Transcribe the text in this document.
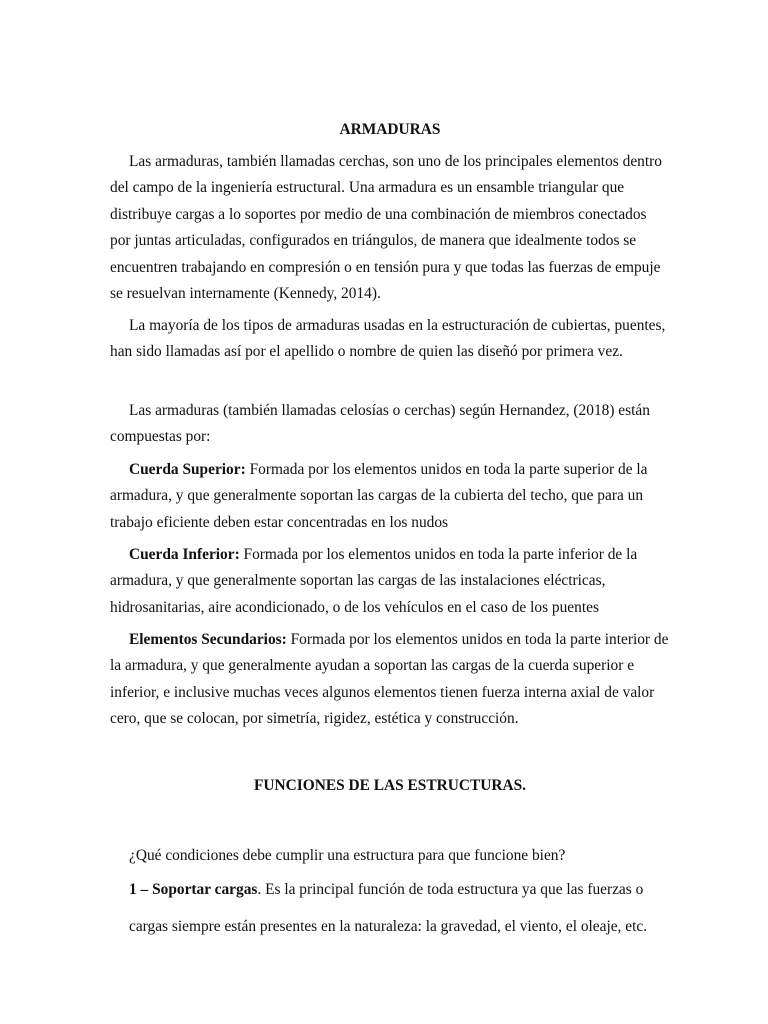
ARMADURAS

Las armaduras, también llamadas cerchas, son uno de los principales elementos dentro del campo de la ingeniería estructural. Una armadura es un ensamble triangular que distribuye cargas a lo soportes por medio de una combinación de miembros conectados por juntas articuladas, configurados en triángulos, de manera que idealmente todos se encuentren trabajando en compresión o en tensión pura y que todas las fuerzas de empuje se resuelvan internamente (Kennedy, 2014).

La mayoría de los tipos de armaduras usadas en la estructuración de cubiertas, puentes, han sido llamadas así por el apellido o nombre de quien las diseñó por primera vez.

Las armaduras (también llamadas celosías o cerchas) según Hernandez, (2018) están compuestas por:

Cuerda Superior: Formada por los elementos unidos en toda la parte superior de la armadura, y que generalmente soportan las cargas de la cubierta del techo, que para un trabajo eficiente deben estar concentradas en los nudos

Cuerda Inferior: Formada por los elementos unidos en toda la parte inferior de la armadura, y que generalmente soportan las cargas de las instalaciones eléctricas, hidrosanitarias, aire acondicionado, o de los vehículos en el caso de los puentes

Elementos Secundarios: Formada por los elementos unidos en toda la parte interior de la armadura, y que generalmente ayudan a soportan las cargas de la cuerda superior e inferior, e inclusive muchas veces algunos elementos tienen fuerza interna axial de valor cero, que se colocan, por simetría, rigidez, estética y construcción.

FUNCIONES DE LAS ESTRUCTURAS.

¿Qué condiciones debe cumplir una estructura para que funcione bien?

1 – Soportar cargas. Es la principal función de toda estructura ya que las fuerzas o

cargas siempre están presentes en la naturaleza: la gravedad, el viento, el oleaje, etc.
